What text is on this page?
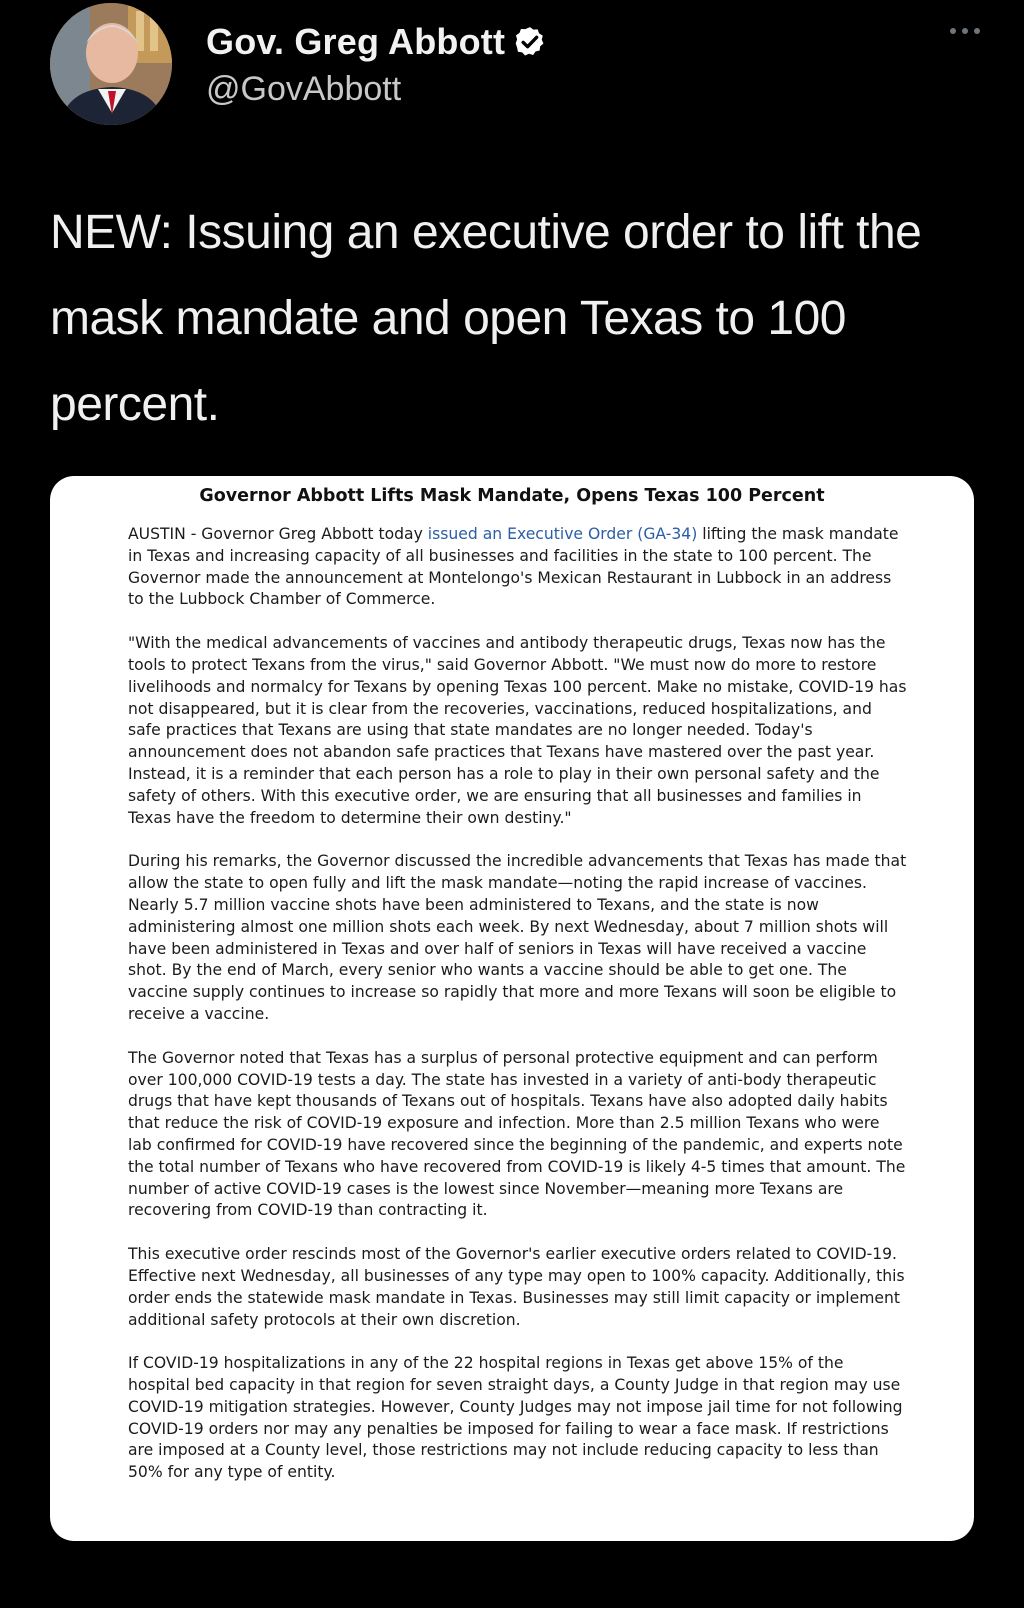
Gov. Greg Abbott
@GovAbbott
NEW: Issuing an executive order to lift the mask mandate and open Texas to 100 percent.
Governor Abbott Lifts Mask Mandate, Opens Texas 100 Percent

AUSTIN - Governor Greg Abbott today issued an Executive Order (GA-34) lifting the mask mandate in Texas and increasing capacity of all businesses and facilities in the state to 100 percent. The Governor made the announcement at Montelongo's Mexican Restaurant in Lubbock in an address to the Lubbock Chamber of Commerce.

"With the medical advancements of vaccines and antibody therapeutic drugs, Texas now has the tools to protect Texans from the virus," said Governor Abbott. "We must now do more to restore livelihoods and normalcy for Texans by opening Texas 100 percent. Make no mistake, COVID-19 has not disappeared, but it is clear from the recoveries, vaccinations, reduced hospitalizations, and safe practices that Texans are using that state mandates are no longer needed. Today's announcement does not abandon safe practices that Texans have mastered over the past year. Instead, it is a reminder that each person has a role to play in their own personal safety and the safety of others. With this executive order, we are ensuring that all businesses and families in Texas have the freedom to determine their own destiny."

During his remarks, the Governor discussed the incredible advancements that Texas has made that allow the state to open fully and lift the mask mandate—noting the rapid increase of vaccines. Nearly 5.7 million vaccine shots have been administered to Texans, and the state is now administering almost one million shots each week. By next Wednesday, about 7 million shots will have been administered in Texas and over half of seniors in Texas will have received a vaccine shot. By the end of March, every senior who wants a vaccine should be able to get one. The vaccine supply continues to increase so rapidly that more and more Texans will soon be eligible to receive a vaccine.

The Governor noted that Texas has a surplus of personal protective equipment and can perform over 100,000 COVID-19 tests a day. The state has invested in a variety of anti-body therapeutic drugs that have kept thousands of Texans out of hospitals. Texans have also adopted daily habits that reduce the risk of COVID-19 exposure and infection. More than 2.5 million Texans who were lab confirmed for COVID-19 have recovered since the beginning of the pandemic, and experts note the total number of Texans who have recovered from COVID-19 is likely 4-5 times that amount. The number of active COVID-19 cases is the lowest since November—meaning more Texans are recovering from COVID-19 than contracting it.

This executive order rescinds most of the Governor's earlier executive orders related to COVID-19. Effective next Wednesday, all businesses of any type may open to 100% capacity. Additionally, this order ends the statewide mask mandate in Texas. Businesses may still limit capacity or implement additional safety protocols at their own discretion.

If COVID-19 hospitalizations in any of the 22 hospital regions in Texas get above 15% of the hospital bed capacity in that region for seven straight days, a County Judge in that region may use COVID-19 mitigation strategies. However, County Judges may not impose jail time for not following COVID-19 orders nor may any penalties be imposed for failing to wear a face mask. If restrictions are imposed at a County level, those restrictions may not include reducing capacity to less than 50% for any type of entity.
